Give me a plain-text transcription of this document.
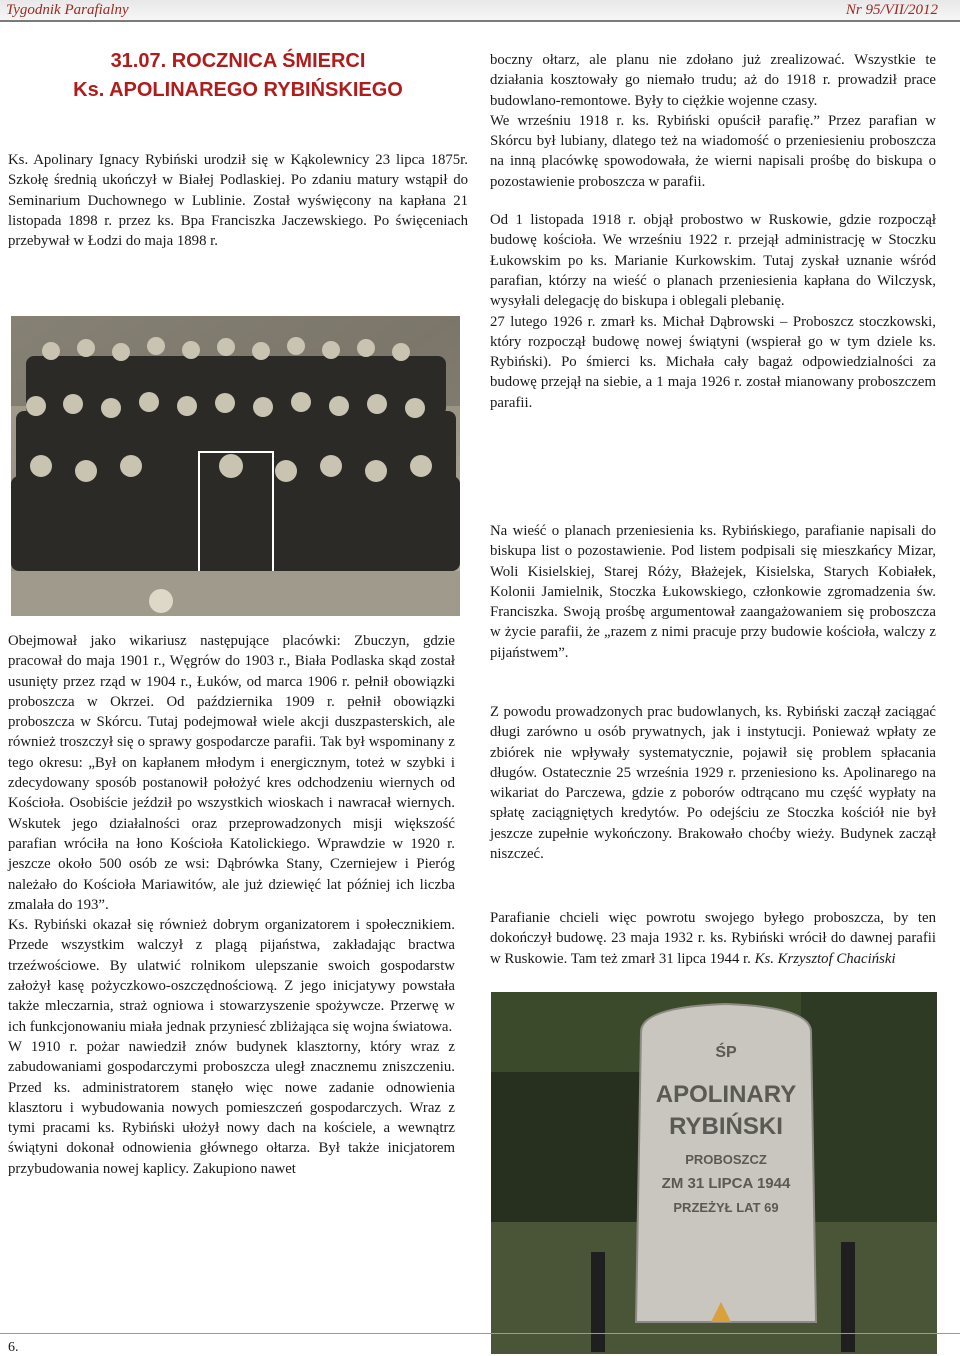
Tygodnik Parafialny	Nr 95/VII/2012
31.07. ROCZNICA ŚMIERCI
Ks. APOLINAREGO RYBIŃSKIEGO

Ks. Apolinary Ignacy Rybiński urodził się w Kąkolewnicy 23 lipca 1875r. Szkołę średnią ukończył w Białej Podlaskiej. Po zdaniu matury wstąpił do Seminarium Duchownego w Lublinie. Został wyświęcony na kapłana 21 listopada 1898 r. przez ks. Bpa Franciszka Jaczewskiego. Po święceniach przebywał w Łodzi do maja 1898 r.

Obejmował jako wikariusz następujące placówki: Zbuczyn, gdzie pracował do maja 1901 r., Węgrów do 1903 r., Biała Podlaska skąd został usunięty przez rząd w 1904 r., Łuków, od marca 1906 r. pełnił obowiązki proboszcza w Okrzei. Od października 1909 r. pełnił obowiązki proboszcza w Skórcu. Tutaj podejmował wiele akcji duszpasterskich, ale również troszczył się o sprawy gospodarcze parafii. Tak był wspominany z tego okresu: „Był on kapłanem młodym i energicznym, toteż w szybki i zdecydowany sposób postanowił położyć kres odchodzeniu wiernych od Kościoła. Osobiście jeździł po wszystkich wioskach i nawracał wiernych. Wskutek jego działalności oraz przeprowadzonych misji większość parafian wróciła na łono Kościoła Katolickiego. Wprawdzie w 1920 r. jeszcze około 500 osób ze wsi: Dąbrówka Stany, Czerniejew i Pieróg należało do Kościoła Mariawitów, ale już dziewięć lat później ich liczba zmalała do 193”.

Ks. Rybiński okazał się również dobrym organizatorem i społecznikiem. Przede wszystkim walczył z plagą pijaństwa, zakładając bractwa trzeźwościowe. By ulatwić rolnikom ulepszanie swoich gospodarstw założył kasę pożyczkowo-oszczędnościową. Z jego inicjatywy powstała także mleczarnia, straż ogniowa i stowarzyszenie spożywcze. Przerwę w ich funkcjonowaniu miała jednak przyniesć zbliżająca się wojna światowa.

W 1910 r. pożar nawiedził znów budynek klasztorny, który wraz z zabudowaniami gospodarczymi proboszcza uległ znacznemu zniszczeniu. Przed ks. administratorem stanęło więc nowe zadanie odnowienia klasztoru i wybudowania nowych pomieszczeń gospodarczych. Wraz z tymi pracami ks. Rybiński ułożył nowy dach na kościele, a wewnątrz świątyni dokonał odnowienia głównego ołtarza. Był także inicjatorem przybudowania nowej kaplicy. Zakupiono nawet

boczny ołtarz, ale planu nie zdołano już zrealizować. Wszystkie te działania kosztowały go niemało trudu; aż do 1918 r. prowadził prace budowlano-remontowe. Były to ciężkie wojenne czasy.

We wrześniu 1918 r. ks. Rybiński opuścił parafię.” Przez parafian w Skórcu był lubiany, dlatego też na wiadomość o przeniesieniu proboszcza na inną placówkę spowodowała, że wierni napisali prośbę do biskupa o pozostawienie proboszcza w parafii.

Od 1 listopada 1918 r. objął probostwo w Ruskowie, gdzie rozpoczął budowę kościoła. We wrześniu 1922 r. przejął administrację w Stoczku Łukowskim po ks. Marianie Kurkowskim. Tutaj zyskał uznanie wśród parafian, którzy na wieść o planach przeniesienia kapłana do Wilczysk, wysyłali delegację do biskupa i oblegali plebanię.

27 lutego 1926 r. zmarł ks. Michał Dąbrowski – Proboszcz stoczkowski, który rozpoczął budowę nowej świątyni (wspierał go w tym dziele ks. Rybiński). Po śmierci ks. Michała cały bagaż odpowiedzialności za budowę przejął na siebie, a 1 maja 1926 r. został mianowany proboszczem parafii.

Na wieść o planach przeniesienia ks. Rybińskiego, parafianie napisali do biskupa list o pozostawienie. Pod listem podpisali się mieszkańcy Mizar, Woli Kisielskiej, Starej Róży, Błażejek, Kisielska, Starych Kobiałek, Kolonii Jamielnik, Stoczka Łukowskiego, członkowie zgromadzenia św. Franciszka. Swoją prośbę argumentował zaangażowaniem się proboszcza w życie parafii, że „razem z nimi pracuje przy budowie kościoła, walczy z pijaństwem”.

Z powodu prowadzonych prac budowlanych, ks. Rybiński zaczął zaciągać długi zarówno u osób prywatnych, jak i instytucji. Ponieważ wpłaty ze zbiórek nie wpływały systematycznie, pojawił się problem spłacania długów. Ostatecznie 25 września 1929 r. przeniesiono ks. Apolinarego na wikariat do Parczewa, gdzie z poborów odtrącano mu część wypłaty na spłatę zaciągniętych kredytów. Po odejściu ze Stoczka kościół nie był jeszcze zupełnie wykończony. Brakowało choćby wieży. Budynek zaczął niszczeć.

Parafianie chcieli więc powrotu swojego byłego proboszcza, by ten dokończył budowę. 23 maja 1932 r. ks. Rybiński wrócił do dawnej parafii w Ruskowie. Tam też zmarł 31 lipca 1944 r. Ks. Krzysztof Chaciński

ŚP
APOLINARY
RYBIŃSKI
PROBOSZCZ
ZM 31 LIPCA 1944
PRZEŻYŁ LAT 69
6.
